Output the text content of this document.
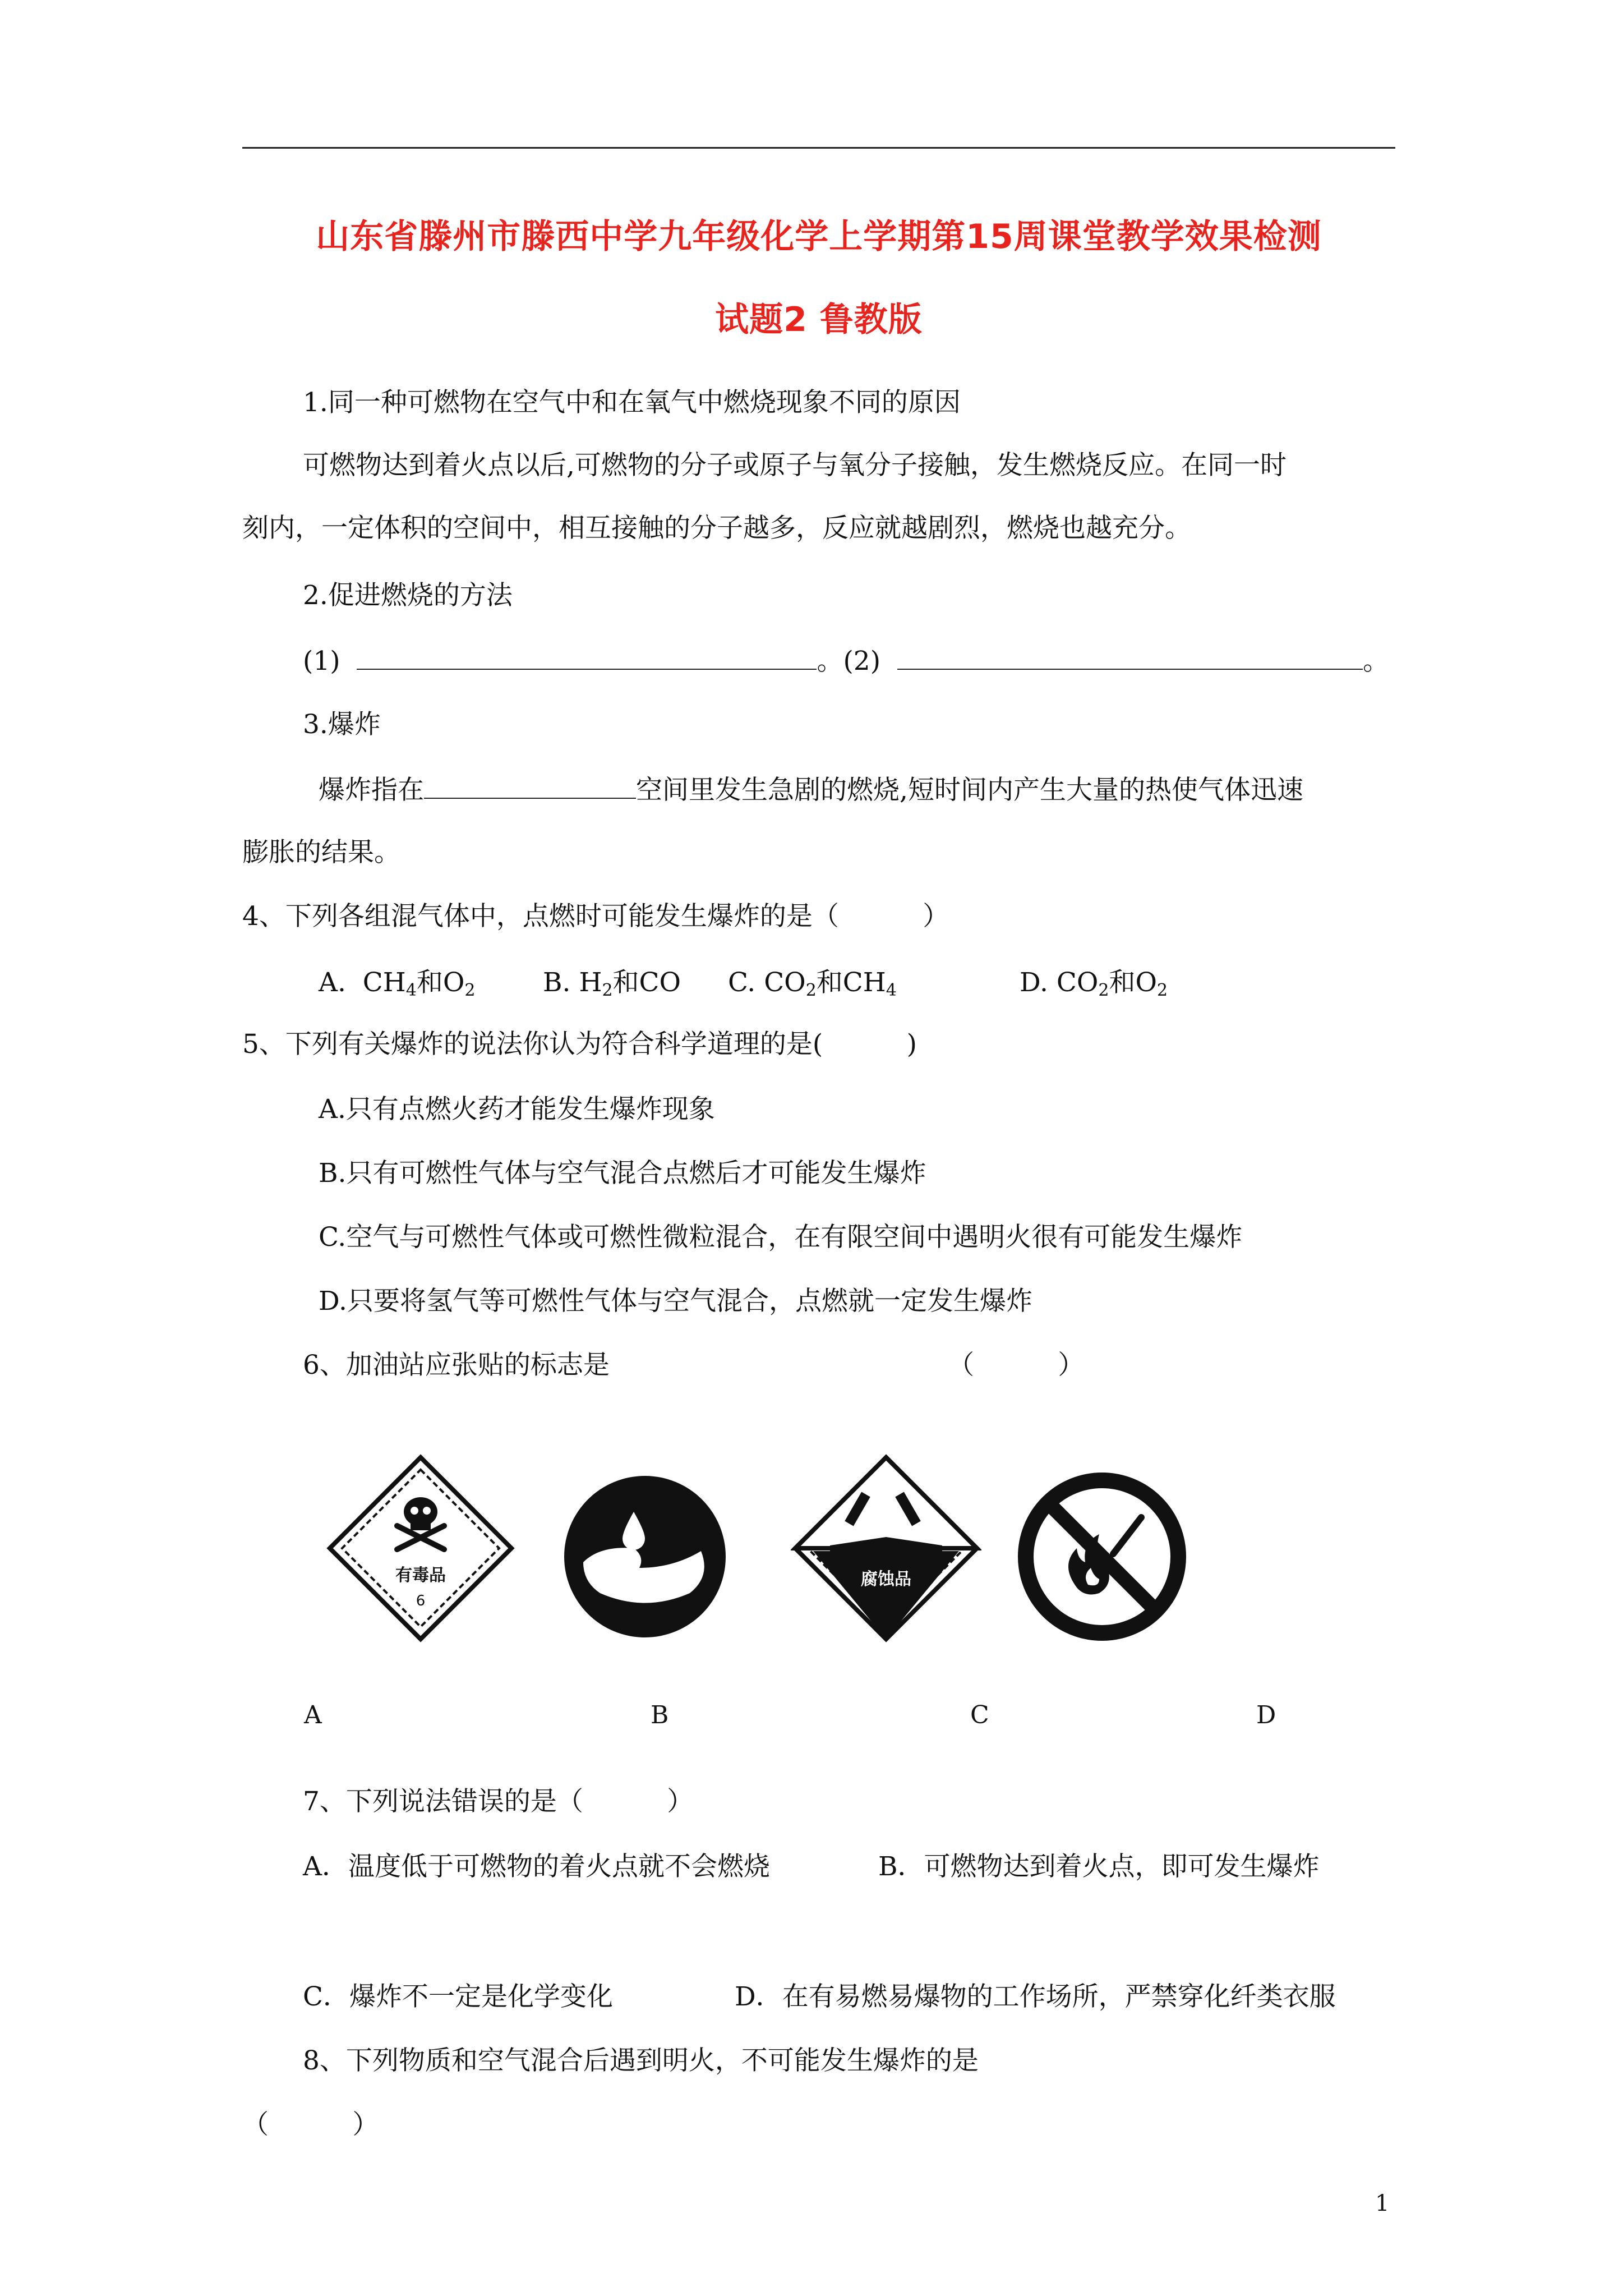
山东省滕州市滕西中学九年级化学上学期第15周课堂教学效果检测
试题2 鲁教版
1.同一种可燃物在空气中和在氧气中燃烧现象不同的原因
可燃物达到着火点以后,可燃物的分子或原子与氧分子接触，发生燃烧反应。在同一时
刻内，一定体积的空间中，相互接触的分子越多，反应就越剧烈，燃烧也越充分。
2.促进燃烧的方法
(1)	。(2)	。
3.爆炸
爆炸指在	空间里发生急剧的燃烧,短时间内产生大量的热使气体迅速
膨胀的结果。
4、下列各组混气体中，点燃时可能发生爆炸的是（          ）
A. $CH_4$和$O_2$	B. $H_2$和CO C. $CO_2$和$CH_4$	D. $CO_2$和$O_2$
5、下列有关爆炸的说法你认为符合科学道理的是(          )
A.只有点燃火药才能发生爆炸现象
B.只有可燃性气体与空气混合点燃后才可能发生爆炸
C.空气与可燃性气体或可燃性微粒混合，在有限空间中遇明火很有可能发生爆炸
D.只要将氢气等可燃性气体与空气混合，点燃就一定发生爆炸
6、加油站应张贴的标志是	（          ）
有毒品
6
腐蚀品
A	B	C	D
7、下列说法错误的是（          ）
A．温度低于可燃物的着火点就不会燃烧	B．可燃物达到着火点，即可发生爆炸
C．爆炸不一定是化学变化	D．在有易燃易爆物的工作场所，严禁穿化纤类衣服
8、下列物质和空气混合后遇到明火，不可能发生爆炸的是
（          ）
1
